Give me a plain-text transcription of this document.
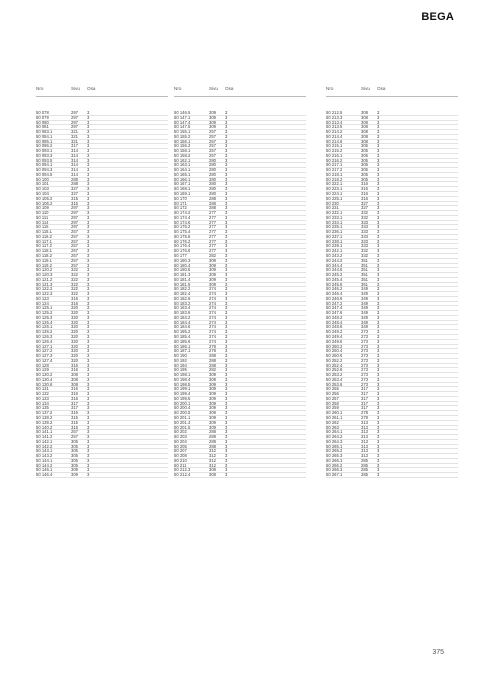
BEGA
Nro	Sivu Osa
50 078	297 3
50 079	297 3
50 080	297 3
50 081	297 3
50 083.1	321 3
50 084.1	321 3
50 085.1	321 3
50 086.2	317 3
50 093.1	314 3
50 093.3	314 3
50 093.5	314 3
50 094.1	314 3
50 094.3	314 3
50 094.5	314 3
50 100	288 3
50 101	288 3
50 103	327 3
50 104	327 3
50 105.2	315 3
50 106.2	315 3
50 109	297 3
50 110	297 3
50 111	297 3
50 114	297 3
50 115	297 3
50 116.1	257 3
50 116.2	257 3
50 117.1	257 3
50 117.2	257 3
50 118.1	257 3
50 118.2	257 3
50 119.1	257 3
50 119.2	257 3
50 120.2	322 3
50 120.3	322 3
50 121.2	322 3
50 121.3	322 3
50 122.2	322 3
50 122.3	322 3
50 123	316 3
50 124	316 3
50 125.1	320 3
50 125.2	320 3
50 125.3	320 3
50 125.4	320 3
50 126.1	320 3
50 126.2	320 3
50 126.3	320 3
50 126.4	320 3
50 127.1	320 3
50 127.2	320 3
50 127.3	320 3
50 127.4	320 3
50 128	316 3
50 129	316 3
50 130.2	308 3
50 130.4	308 3
50 130.6	308 3
50 131	316 3
50 132	316 3
50 133	316 3
50 134	317 3
50 135	317 3
50 137.2	315 3
50 138.2	315 3
50 139.2	315 3
50 140.2	315 3
50 141.1	257 3
50 141.2	257 3
50 142.1	305 3
50 142.2	305 3
50 143.1	305 3
50 143.2	305 3
50 144.1	305 3
50 144.2	305 3
50 146.1	309 3
50 146.4	309 3
Nro	Sivu Osa
50 146.5	309 3
50 147.1	309 3
50 147.4	309 3
50 147.5	309 3
50 155.1	257 3
50 155.2	257 3
50 156.1	257 3
50 156.2	257 3
50 158.1	257 3
50 158.2	257 3
50 162.1	280 3
50 163.1	280 3
50 164.1	280 3
50 165.1	280 3
50 166.1	280 3
50 167.1	280 3
50 168.1	280 3
50 169.1	280 3
50 170	288 3
50 171	288 3
50 172	288 3
50 174.2	277 3
50 174.4	277 3
50 174.6	277 3
50 175.2	277 3
50 175.4	277 3
50 175.6	277 3
50 176.2	277 3
50 176.4	277 3
50 176.6	277 3
50 177	282 3
50 180.3	309 3
50 180.4	309 3
50 180.5	309 3
50 181.3	309 3
50 181.4	309 3
50 181.5	309 3
50 182.2	274 3
50 182.4	274 3
50 182.6	274 3
50 183.2	274 3
50 183.4	274 3
50 183.6	274 3
50 184.2	274 3
50 184.4	274 3
50 184.6	274 3
50 185.2	274 3
50 185.4	274 3
50 185.6	274 3
50 186.1	278 3
50 187.1	278 3
50 190	288 3
50 192	288 3
50 194	288 3
50 195	282 3
50 198.1	309 3
50 198.4	309 3
50 198.5	309 3
50 199.1	309 3
50 199.4	309 3
50 199.5	309 3
50 200.1	309 3
50 200.4	309 3
50 200.5	309 3
50 201.1	309 3
50 201.4	309 3
50 201.5	309 3
50 202	288 3
50 203	288 3
50 204	288 3
50 205	288 3
50 207	312 3
50 208	312 3
50 210	312 3
50 211	312 3
50 212.3	308 3
50 212.4	308 3
Nro	Sivu Osa
50 212.5	308 3
50 213.3	308 3
50 213.4	308 3
50 213.5	308 3
50 214.2	308 3
50 214.4	308 3
50 214.6	308 3
50 215.1	305 3
50 215.2	305 3
50 216.1	305 3
50 216.2	305 3
50 217.1	305 3
50 217.2	305 3
50 218.1	305 3
50 218.2	305 3
50 222.1	316 3
50 223.1	316 3
50 224.1	316 3
50 225.1	316 3
50 230	327 3
50 231	327 3
50 232.1	332 3
50 233.1	332 3
50 234.1	333 3
50 235.1	333 3
50 236.1	333 3
50 237.1	333 3
50 238.1	333 3
50 239.1	333 3
50 242.1	332 3
50 243.2	332 3
50 244.2	351 3
50 244.4	351 3
50 244.6	351 3
50 245.2	351 3
50 245.4	351 3
50 245.6	351 3
50 246.2	349 3
50 246.4	349 3
50 246.6	349 3
50 247.2	349 3
50 247.4	349 3
50 247.6	349 3
50 248.2	349 3
50 248.4	349 3
50 248.6	349 3
50 249.2	273 3
50 249.4	273 3
50 249.6	273 3
50 250.2	273 3
50 250.4	273 3
50 250.6	273 3
50 252.2	273 3
50 252.4	273 3
50 252.6	273 3
50 253.2	273 3
50 253.4	273 3
50 253.6	273 3
50 255	317 3
50 256	317 3
50 257	317 3
50 258	317 3
50 259	317 3
50 260.1	278 3
50 261.1	278 3
50 262	313 3
50 263	313 3
50 264.1	313 3
50 264.2	313 3
50 264.3	313 3
50 265.1	313 3
50 265.2	313 3
50 265.3	313 3
50 266.1	285 3
50 266.2	285 3
50 266.3	285 3
50 267.1	285 3
375
